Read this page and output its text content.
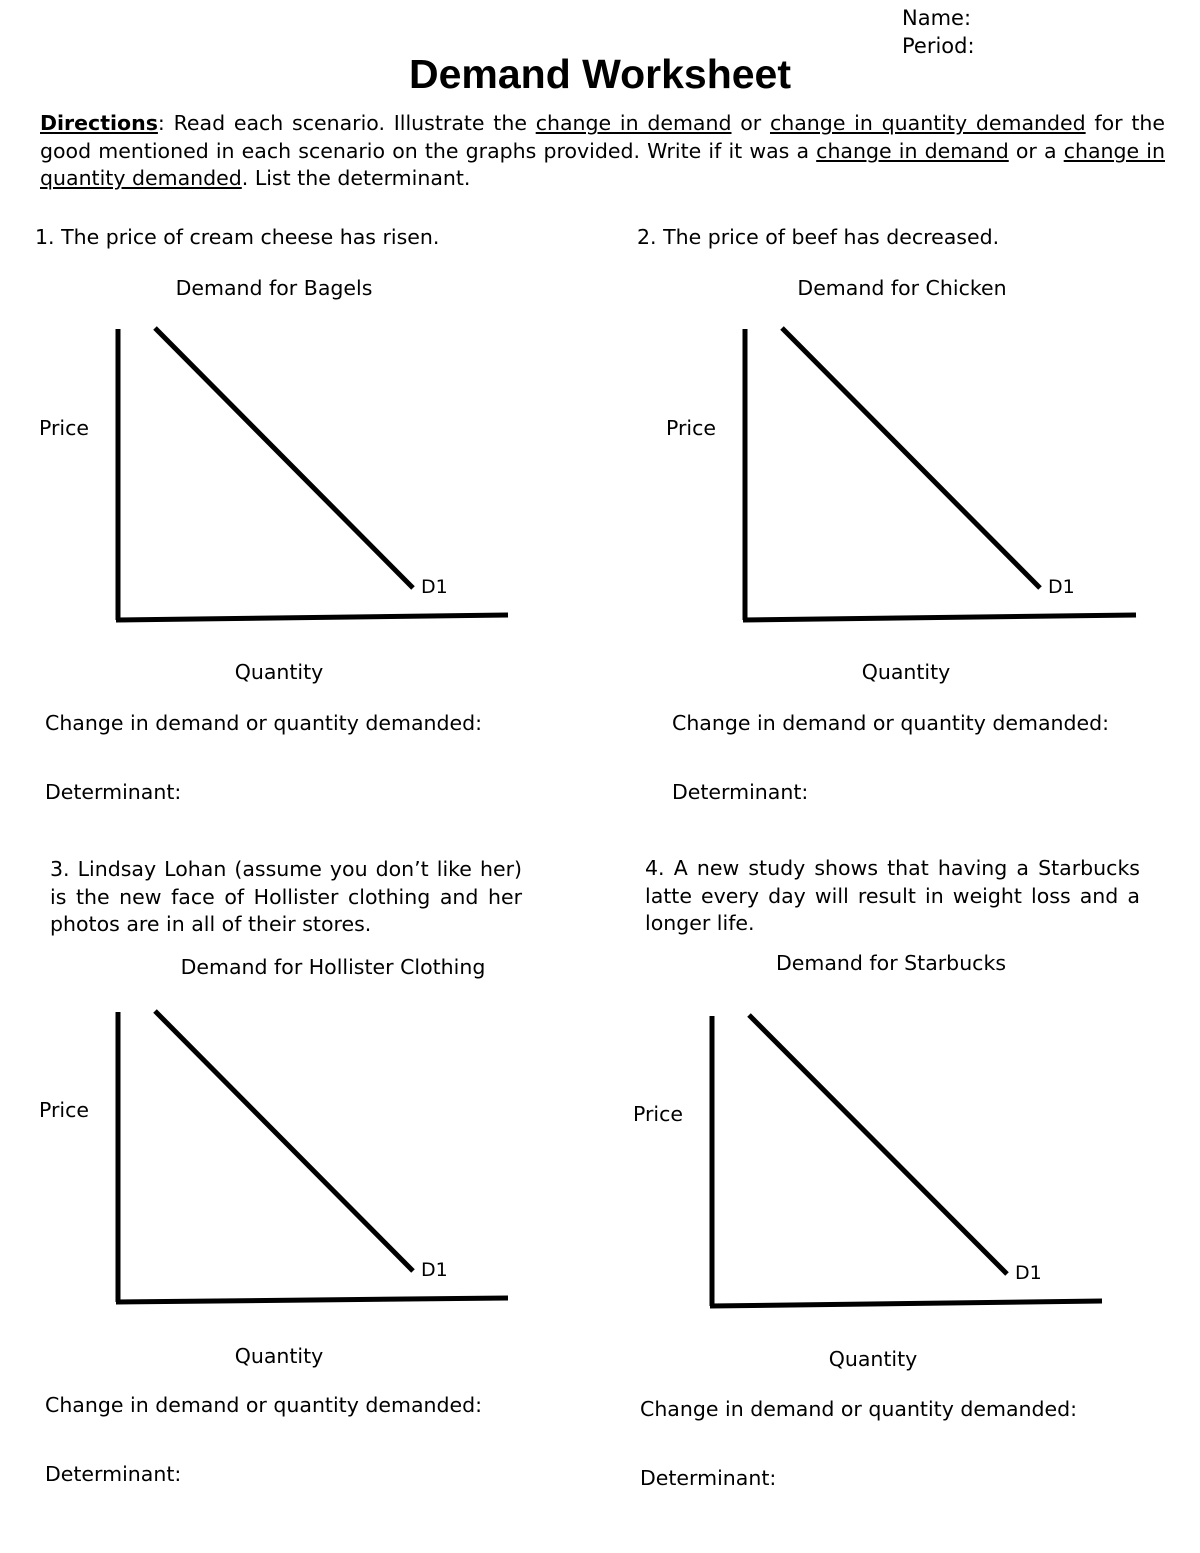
Name:
Period:
Demand Worksheet
Directions: Read each scenario. Illustrate the change in demand or change in quantity demanded for the good mentioned in each scenario on the graphs provided. Write if it was a change in demand or a change in quantity demanded. List the determinant.
1. The price of cream cheese has risen.
Demand for Bagels
Price
D1
Quantity
Change in demand or quantity demanded:
Determinant:
2. The price of beef has decreased.
Demand for Chicken
Price
D1
Quantity
Change in demand or quantity demanded:
Determinant:
3. Lindsay Lohan (assume you don’t like her) is the new face of Hollister clothing and her photos are in all of their stores.
Demand for Hollister Clothing
Price
D1
Quantity
Change in demand or quantity demanded:
Determinant:
4. A new study shows that having a Starbucks latte every day will result in weight loss and a longer life.
Demand for Starbucks
Price
D1
Quantity
Change in demand or quantity demanded:
Determinant:
